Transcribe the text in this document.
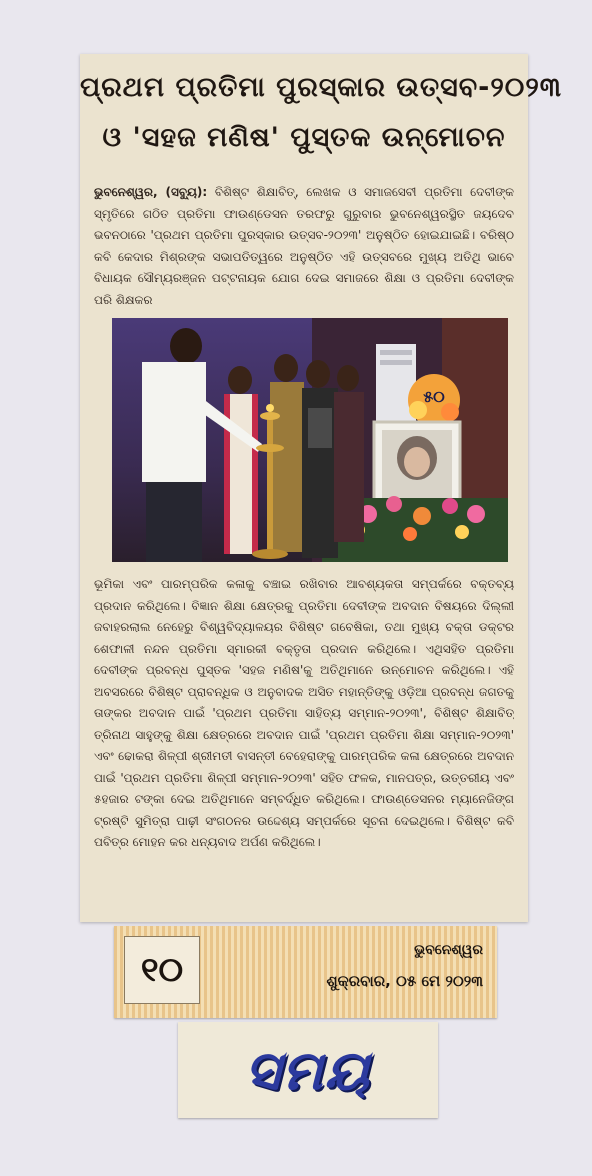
ପ୍ରଥମ ପ୍ରତିମା ପୁରସ୍କାର ଉତ୍ସବ-୨୦୨୩
ଓ 'ସହଜ ମଣିଷ' ପୁସ୍ତକ ଉନ୍ମୋଚନ
ଭୁବନେଶ୍ୱର, (ସବ୍ୟୁ): ବିଶିଷ୍ଟ ଶିକ୍ଷାବିତ୍, ଲେଖକ ଓ ସମାଜସେବୀ ପ୍ରତିମା ଦେବୀଙ୍କ ସ୍ମୃତିରେ ଗଠିତ ପ୍ରତିମା ଫାଉଣ୍ଡେସନ ତରଫରୁ ଗୁରୁବାର ଭୁବନେଶ୍ୱରସ୍ଥିତ ଜୟଦେବ ଭବନଠାରେ 'ପ୍ରଥମ ପ୍ରତିମା ପୁରସ୍କାର ଉତ୍ସବ-୨୦୨୩' ଅନୁଷ୍ଠିତ ହୋଇଯାଇଛି। ବରିଷ୍ଠ କବି କେଦାର ମିଶ୍ରଙ୍କ ସଭାପତିତ୍ୱରେ ଅନୁଷ୍ଠିତ ଏହି ଉତ୍ସବରେ ମୁଖ୍ୟ ଅତିଥି ଭାବେ ବିଧାୟକ ସୌମ୍ୟରଞ୍ଜନ ପଟ୍ଟନାୟକ ଯୋଗ ଦେଇ ସମାଜରେ ଶିକ୍ଷା ଓ ପ୍ରତିମା ଦେବୀଙ୍କ ପରି ଶିକ୍ଷକର
୫୦
ଭୂମିକା ଏବଂ ପାରମ୍ପରିକ କଳାକୁ ବଞ୍ଚାଇ ରଖିବାର ଆବଶ୍ୟକତା ସମ୍ପର୍କରେ ବକ୍ତବ୍ୟ ପ୍ରଦାନ କରିଥିଲେ। ବିଜ୍ଞାନ ଶିକ୍ଷା କ୍ଷେତ୍ରକୁ ପ୍ରତିମା ଦେବୀଙ୍କ ଅବଦାନ ବିଷୟରେ ଦିଲ୍ଲୀ ଜବାହରଲାଲ ନେହେରୁ ବିଶ୍ୱବିଦ୍ୟାଳୟର ବିଶିଷ୍ଟ ଗବେଷିକା, ତଥା ମୁଖ୍ୟ ବକ୍ତା ଡକ୍ଟର ଶେଫାଳୀ ନନ୍ଦନ ପ୍ରତିମା ସ୍ମାରକୀ ବକ୍ତୃତା ପ୍ରଦାନ କରିଥିଲେ। ଏଥିସହିତ ପ୍ରତିମା ଦେବୀଙ୍କ ପ୍ରବନ୍ଧ ପୁସ୍ତକ 'ସହଜ ମଣିଷ'କୁ ଅତିଥିମାନେ ଉନ୍ମୋଚନ କରିଥିଲେ। ଏହି ଅବସରରେ ବିଶିଷ୍ଟ ପ୍ରାବନ୍ଧିକ ଓ ଅନୁବାଦକ ଅସିତ ମହାନ୍ତିଙ୍କୁ ଓଡ଼ିଆ ପ୍ରବନ୍ଧ ଜଗତକୁ ତାଙ୍କର ଅବଦାନ ପାଇଁ 'ପ୍ରଥମ ପ୍ରତିମା ସାହିତ୍ୟ ସମ୍ମାନ-୨୦୨୩', ବିଶିଷ୍ଟ ଶିକ୍ଷାବିତ୍ ତ୍ରିନାଥ ସାହୁଙ୍କୁ ଶିକ୍ଷା କ୍ଷେତ୍ରରେ ଅବଦାନ ପାଇଁ 'ପ୍ରଥମ ପ୍ରତିମା ଶିକ୍ଷା ସମ୍ମାନ-୨୦୨୩' ଏବଂ ଢୋକରା ଶିଳ୍ପୀ ଶ୍ରୀମତୀ ବାସନ୍ତୀ ବେହେରାଙ୍କୁ ପାରମ୍ପରିକ କଳା କ୍ଷେତ୍ରରେ ଅବଦାନ ପାଇଁ 'ପ୍ରଥମ ପ୍ରତିମା ଶିଳ୍ପୀ ସମ୍ମାନ-୨୦୨୩' ସହିତ ଫଳକ, ମାନପତ୍ର, ଉତ୍ତରୀୟ ଏବଂ ୫ହଜାର ଟଙ୍କା ଦେଇ ଅତିଥିମାନେ ସମ୍ବର୍ଦ୍ଧିତ କରିଥିଲେ। ଫାଉଣ୍ଡେସନର ମ୍ୟାନେଜିଙ୍ଗ ଟ୍ରଷ୍ଟି ସୁମିତ୍ରା ପାଢ଼ୀ ସଂଗଠନର ଉଦ୍ଦେଶ୍ୟ ସମ୍ପର୍କରେ ସୂଚନା ଦେଇଥିଲେ। ବିଶିଷ୍ଟ କବି ପବିତ୍ର ମୋହନ କର ଧନ୍ୟବାଦ ଅର୍ପଣ କରିଥିଲେ।
୧୦	ଭୁବନେଶ୍ୱର
ଶୁକ୍ରବାର, ୦୫ ମେ ୨୦୨୩
ସମୟ
